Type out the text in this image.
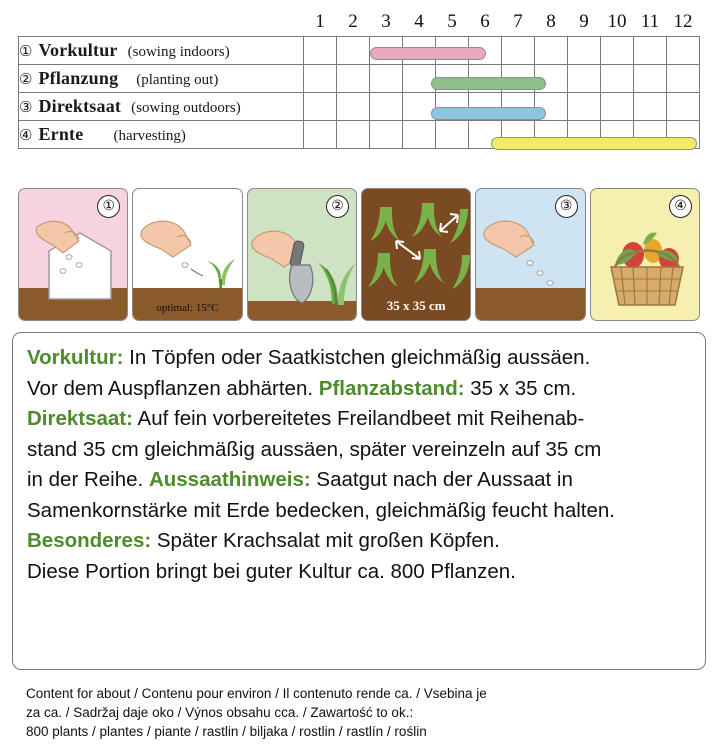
	1	2	3	4	5	6	7	8	9	10	11	12

① Vorkultur (sowing indoors)												

② Pflanzung (planting out)												

③ Direktsaat (sowing outdoors)												

④ Ernte (harvesting)												

①
optimal: 15°C
②
35 x 35 cm
③	④
Vorkultur: In Töpfen oder Saatkistchen gleichmäßig aussäen.
Vor dem Auspflanzen abhärten. Pflanzabstand: 35 x 35 cm.
Direktsaat: Auf fein vorbereitetes Freilandbeet mit Reihenab-
stand 35 cm gleichmäßig aussäen, später vereinzeln auf 35 cm
in der Reihe. Aussaathinweis: Saatgut nach der Aussaat in
Samenkornstärke mit Erde bedecken, gleichmäßig feucht halten.
Besonderes: Später Krachsalat mit großen Köpfen.
Diese Portion bringt bei guter Kultur ca. 800 Pflanzen.
Content for about / Contenu pour environ / Il contenuto rende ca. / Vsebina je
za ca. / Sadržaj daje oko / Výnos obsahu cca. / Zawartość to ok.:
800 plants / plantes / piante / rastlin / biljaka / rostlin / rastlín / roślin
